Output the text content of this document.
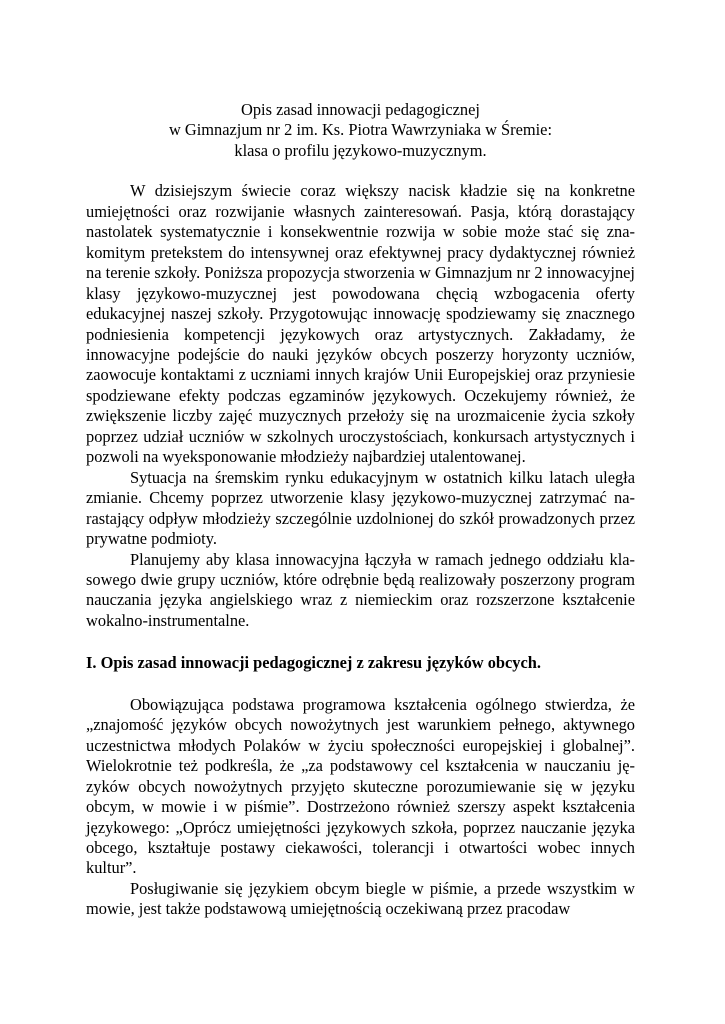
Opis zasad innowacji pedagogicznej
w Gimnazjum nr 2 im. Ks. Piotra Wawrzyniaka w Śremie:
klasa o profilu językowo-muzycznym.

W dzisiejszym świecie coraz większy nacisk kładzie się na konkretne umiejętności oraz rozwijanie własnych zainteresowań. Pasja, którą dorastający nastolatek systematycznie i konsekwentnie rozwija w sobie może stać się znakomitym pretekstem do intensywnej oraz efektywnej pracy dydaktycznej również na terenie szkoły. Poniższa propozycja stworzenia w Gimnazjum nr 2 innowacyjnej klasy językowo-muzycznej jest powodowana chęcią wzbogacenia oferty edukacyjnej naszej szkoły. Przygotowując innowację spodziewamy się znacznego podniesienia kompetencji językowych oraz artystycznych. Zakładamy, że innowacyjne podejście do nauki języków obcych poszerzy horyzonty uczniów, zaowocuje kontaktami z uczniami innych krajów Unii Europejskiej oraz przyniesie spodziewane efekty podczas egzaminów językowych. Oczekujemy również, że zwiększenie liczby zajęć muzycznych przełoży się na urozmaicenie życia szkoły poprzez udział uczniów w szkolnych uroczystościach, konkursach artystycznych i pozwoli na wyeksponowanie młodzieży najbardziej utalentowanej.

Sytuacja na śremskim rynku edukacyjnym w ostatnich kilku latach uległa zmianie. Chcemy poprzez utworzenie klasy językowo-muzycznej zatrzymać narastający odpływ młodzieży szczególnie uzdolnionej do szkół prowadzonych przez prywatne podmioty.

Planujemy aby klasa innowacyjna łączyła w ramach jednego oddziału klasowego dwie grupy uczniów, które odrębnie będą realizowały poszerzony program nauczania języka angielskiego wraz z niemieckim oraz rozszerzone kształcenie wokalno-instrumentalne.

I. Opis zasad innowacji pedagogicznej z zakresu języków obcych.

Obowiązująca podstawa programowa kształcenia ogólnego stwierdza, że „znajomość języków obcych nowożytnych jest warunkiem pełnego, aktywnego uczestnictwa młodych Polaków w życiu społeczności europejskiej i globalnej”. Wielokrotnie też podkreśla, że „za podstawowy cel kształcenia w nauczaniu języków obcych nowożytnych przyjęto skuteczne porozumiewanie się w języku obcym, w mowie i w piśmie”. Dostrzeżono również szerszy aspekt kształcenia językowego: „Oprócz umiejętności językowych szkoła, poprzez nauczanie języka obcego, kształtuje postawy ciekawości, tolerancji i otwartości wobec innych kultur”.

Posługiwanie się językiem obcym biegle w piśmie, a przede wszystkim w mowie, jest także podstawową umiejętnością oczekiwaną przez pracodaw
